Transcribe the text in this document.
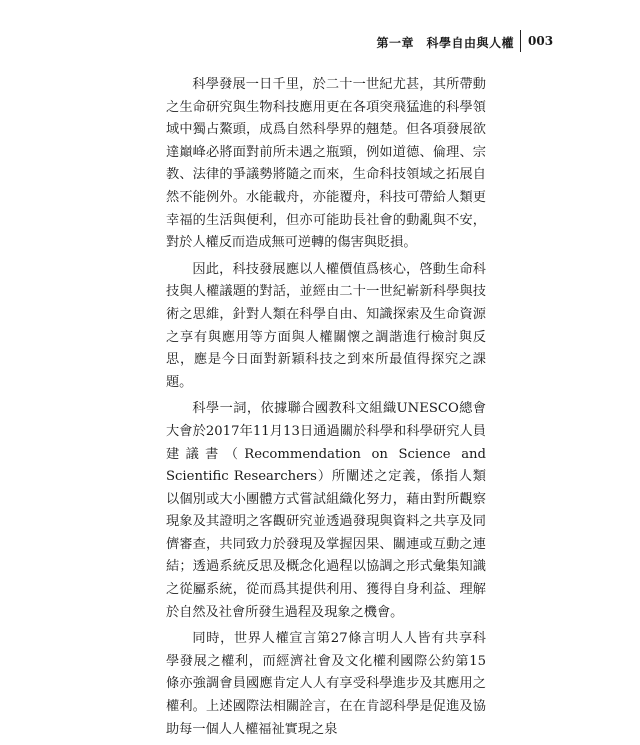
第一章　科學自由與人權 003

科學發展一日千里，於二十一世紀尤甚，其所帶動之生命研究與生物科技應用更在各項突飛猛進的科學領域中獨占鰲頭，成爲自然科學界的翹楚。但各項發展欲達巔峰必將面對前所未遇之瓶頸，例如道德、倫理、宗教、法律的爭議勢將隨之而來，生命科技領域之拓展自然不能例外。水能載舟，亦能覆舟，科技可帶給人類更幸福的生活與便利，但亦可能助長社會的動亂與不安，對於人權反而造成無可逆轉的傷害與貶損。

因此，科技發展應以人權價值爲核心，啓動生命科技與人權議題的對話，並經由二十一世紀嶄新科學與技術之思維，針對人類在科學自由、知識探索及生命資源之享有與應用等方面與人權關懷之調諧進行檢討與反思，應是今日面對新穎科技之到來所最值得探究之課題。

科學一詞，依據聯合國教科文組織UNESCO總會大會於2017年11月13日通過關於科學和科學研究人員建議書（Recommendation on Science and Scientific Researchers）所闡述之定義，係指人類以個別或大小團體方式嘗試組織化努力，藉由對所觀察現象及其證明之客觀研究並透過發現與資料之共享及同儕審查，共同致力於發現及掌握因果、關連或互動之連結；透過系統反思及概念化過程以協調之形式彙集知識之從屬系統，從而爲其提供利用、獲得自身利益、理解於自然及社會所發生過程及現象之機會。

同時，世界人權宣言第27條言明人人皆有共享科學發展之權利，而經濟社會及文化權利國際公約第15條亦強調會員國應肯定人人有享受科學進步及其應用之權利。上述國際法相關詮言，在在肯認科學是促進及協助每一個人人權福祉實現之泉
